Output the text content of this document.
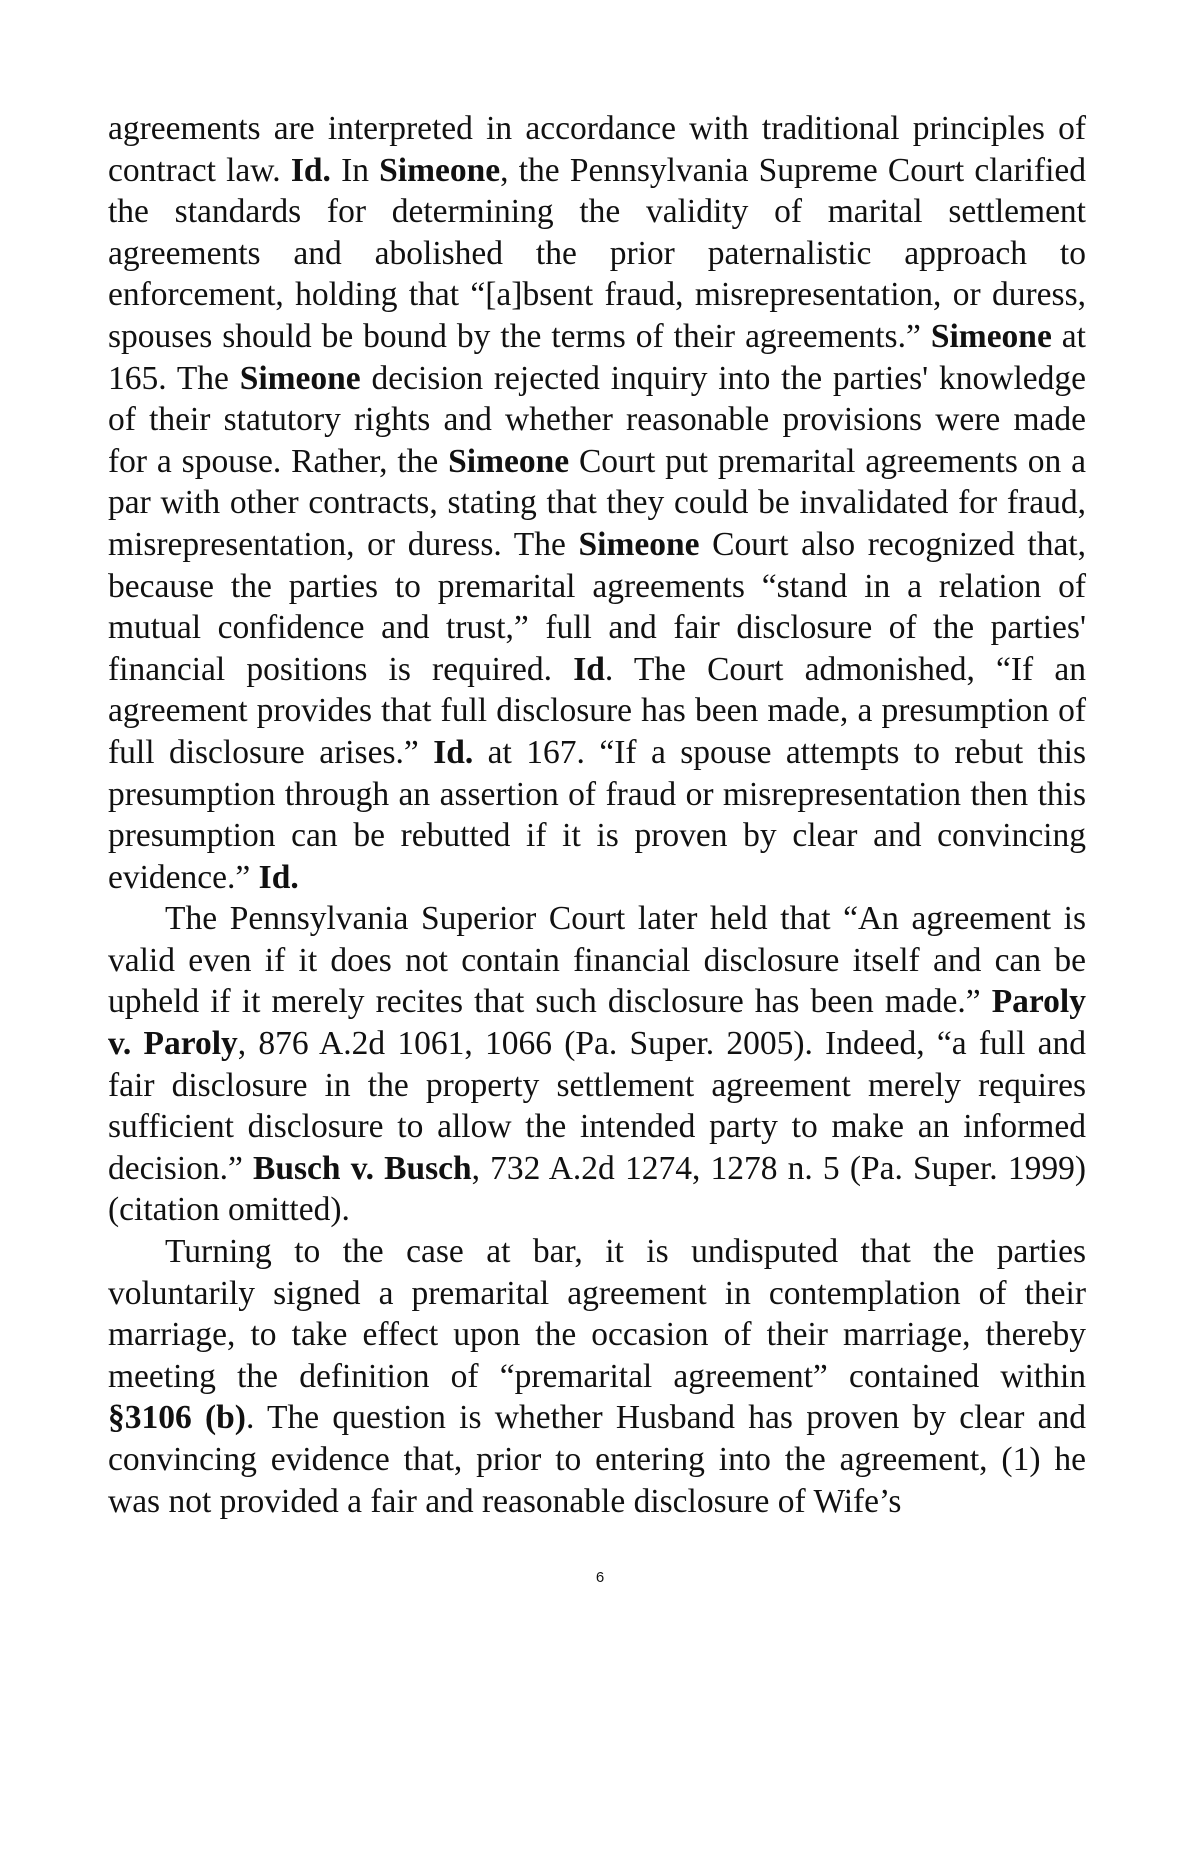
agreements are interpreted in accordance with traditional principles of contract law. Id. In Simeone, the Pennsylvania Supreme Court clarified the standards for determining the validity of marital settlement agreements and abolished the prior paternalistic approach to enforcement, holding that “[a]bsent fraud, misrepresentation, or duress, spouses should be bound by the terms of their agreements.” Simeone at 165. The Simeone decision rejected inquiry into the parties' knowledge of their statutory rights and whether reasonable provisions were made for a spouse. Rather, the Simeone Court put premarital agreements on a par with other contracts, stating that they could be invalidated for fraud, misrepresentation, or duress. The Simeone Court also recognized that, because the parties to premarital agreements “stand in a relation of mutual confidence and trust,” full and fair disclosure of the parties' financial positions is required. Id. The Court admonished, “If an agreement provides that full disclosure has been made, a presumption of full disclosure arises.” Id. at 167. “If a spouse attempts to rebut this presumption through an assertion of fraud or misrepresentation then this presumption can be rebutted if it is proven by clear and convincing evidence.” Id.

The Pennsylvania Superior Court later held that “An agreement is valid even if it does not contain financial disclosure itself and can be upheld if it merely recites that such disclosure has been made.” Paroly v. Paroly, 876 A.2d 1061, 1066 (Pa. Super. 2005). Indeed, “a full and fair disclosure in the property settlement agreement merely requires sufficient disclosure to allow the intended party to make an informed decision.” Busch v. Busch, 732 A.2d 1274, 1278 n. 5 (Pa. Super. 1999)(citation omitted).

Turning to the case at bar, it is undisputed that the parties voluntarily signed a premarital agreement in contemplation of their marriage, to take effect upon the occasion of their marriage, thereby meeting the definition of “premarital agreement” contained within §3106 (b). The question is whether Husband has proven by clear and convincing evidence that, prior to entering into the agreement, (1) he was not provided a fair and reasonable disclosure of Wife’s

6
